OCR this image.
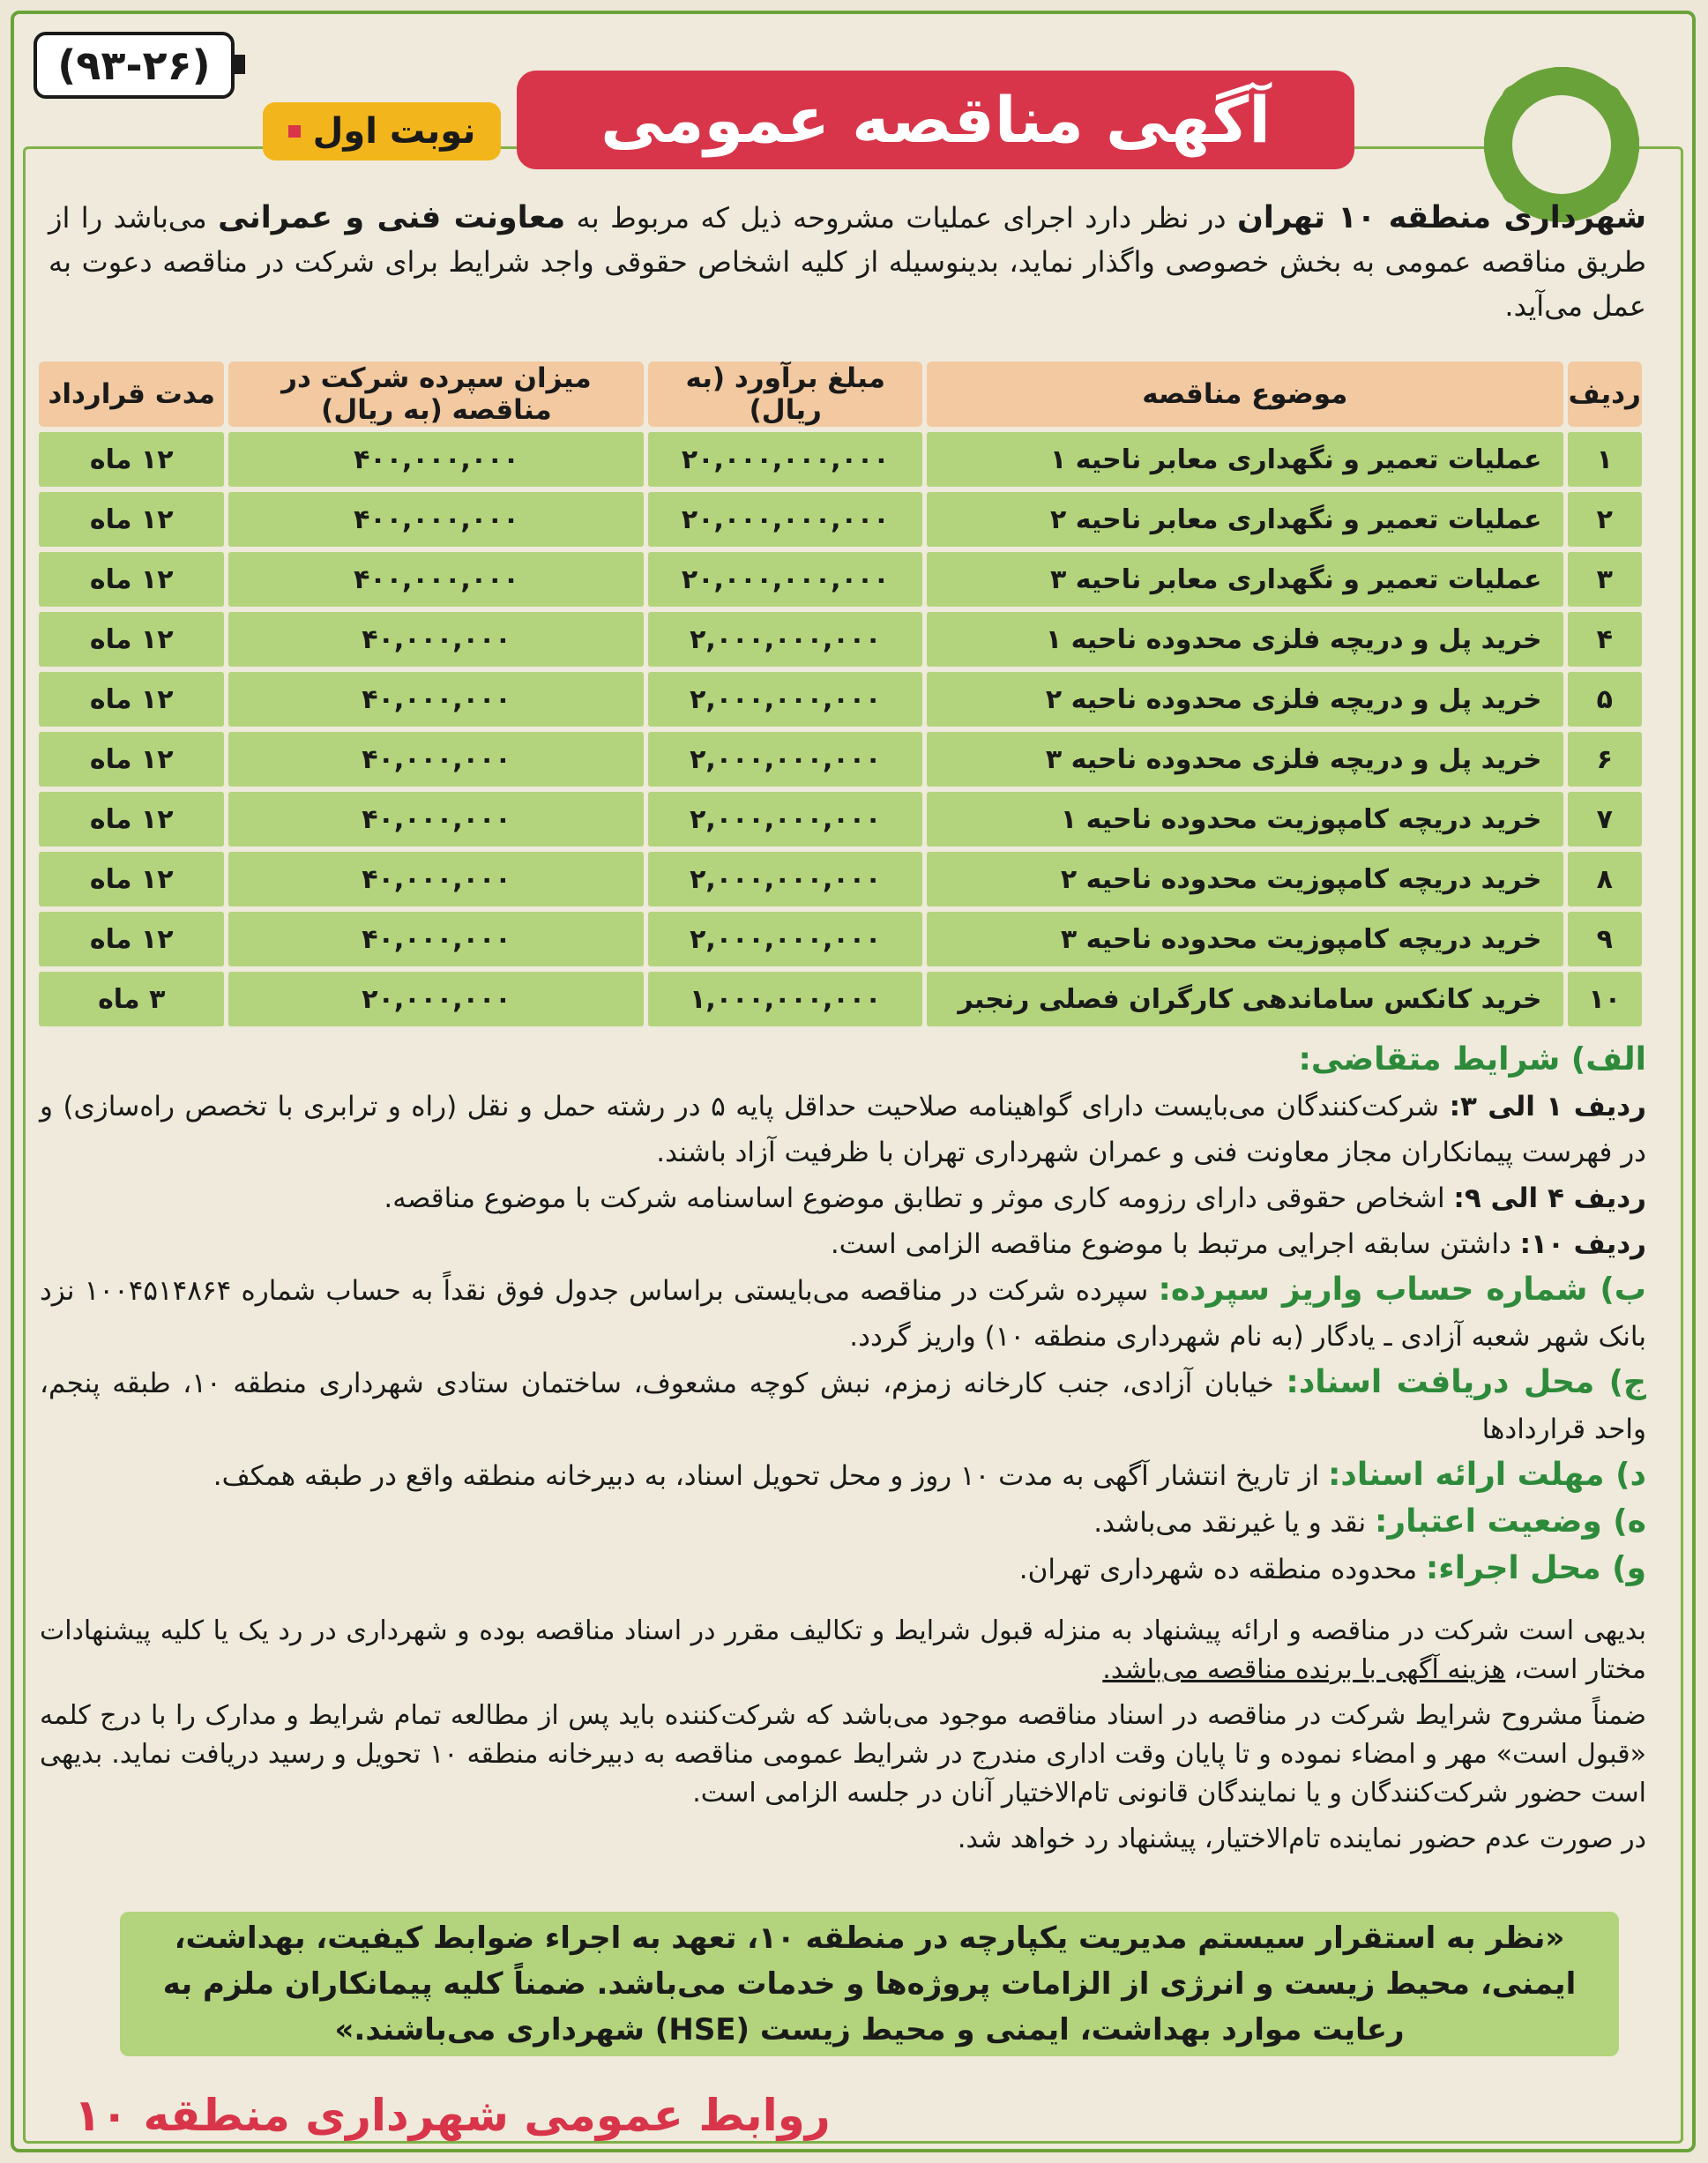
(۹۳-۲۶)
نوبت اول	آگهی مناقصه عمومی
شهرداری منطقه ۱۰ تهران در نظر دارد اجرای عملیات مشروحه ذیل که مربوط به معاونت فنی و عمرانی می‌باشد را از طریق مناقصه عمومی به بخش خصوصی واگذار نماید، بدینوسیله از کلیه اشخاص حقوقی واجد شرایط برای شرکت در مناقصه دعوت به عمل می‌آید.
ردیف	موضوع مناقصه	مبلغ برآورد (به ریال)	میزان سپرده شرکت در مناقصه (به ریال)	مدت قرارداد
۱	عملیات تعمیر و نگهداری معابر ناحیه ۱	۲۰,۰۰۰,۰۰۰,۰۰۰	۴۰۰,۰۰۰,۰۰۰	۱۲ ماه
۲	عملیات تعمیر و نگهداری معابر ناحیه ۲	۲۰,۰۰۰,۰۰۰,۰۰۰	۴۰۰,۰۰۰,۰۰۰	۱۲ ماه
۳	عملیات تعمیر و نگهداری معابر ناحیه ۳	۲۰,۰۰۰,۰۰۰,۰۰۰	۴۰۰,۰۰۰,۰۰۰	۱۲ ماه
۴	خرید پل و دریچه فلزی محدوده ناحیه ۱	۲,۰۰۰,۰۰۰,۰۰۰	۴۰,۰۰۰,۰۰۰	۱۲ ماه
۵	خرید پل و دریچه فلزی محدوده ناحیه ۲	۲,۰۰۰,۰۰۰,۰۰۰	۴۰,۰۰۰,۰۰۰	۱۲ ماه
۶	خرید پل و دریچه فلزی محدوده ناحیه ۳	۲,۰۰۰,۰۰۰,۰۰۰	۴۰,۰۰۰,۰۰۰	۱۲ ماه
۷	خرید دریچه کامپوزیت محدوده ناحیه ۱	۲,۰۰۰,۰۰۰,۰۰۰	۴۰,۰۰۰,۰۰۰	۱۲ ماه
۸	خرید دریچه کامپوزیت محدوده ناحیه ۲	۲,۰۰۰,۰۰۰,۰۰۰	۴۰,۰۰۰,۰۰۰	۱۲ ماه
۹	خرید دریچه کامپوزیت محدوده ناحیه ۳	۲,۰۰۰,۰۰۰,۰۰۰	۴۰,۰۰۰,۰۰۰	۱۲ ماه
۱۰	خرید کانکس ساماندهی کارگران فصلی رنجبر	۱,۰۰۰,۰۰۰,۰۰۰	۲۰,۰۰۰,۰۰۰	۳ ماه

الف) شرایط متقاضی:

ردیف ۱ الی ۳: شرکت‌کنندگان می‌بایست دارای گواهینامه صلاحیت حداقل پایه ۵ در رشته حمل و نقل (راه و ترابری با تخصص راه‌سازی) و در فهرست پیمانکاران مجاز معاونت فنی و عمران شهرداری تهران با ظرفیت آزاد باشند.

ردیف ۴ الی ۹: اشخاص حقوقی دارای رزومه کاری موثر و تطابق موضوع اساسنامه شرکت با موضوع مناقصه.

ردیف ۱۰: داشتن سابقه اجرایی مرتبط با موضوع مناقصه الزامی است.

ب) شماره حساب واریز سپرده: سپرده شرکت در مناقصه می‌بایستی براساس جدول فوق نقداً به حساب شماره ۱۰۰۴۵۱۴۸۶۴ نزد بانک شهر شعبه آزادی ـ یادگار (به نام شهرداری منطقه ۱۰) واریز گردد.

ج) محل دریافت اسناد: خیابان آزادی، جنب کارخانه زمزم، نبش کوچه مشعوف، ساختمان ستادی شهرداری منطقه ۱۰، طبقه پنجم، واحد قراردادها

د) مهلت ارائه اسناد: از تاریخ انتشار آگهی به مدت ۱۰ روز و محل تحویل اسناد، به دبیرخانه منطقه واقع در طبقه همکف.

ه) وضعیت اعتبار: نقد و یا غیرنقد می‌باشد.

و) محل اجراء: محدوده منطقه ده شهرداری تهران.

بدیهی است شرکت در مناقصه و ارائه پیشنهاد به منزله قبول شرایط و تکالیف مقرر در اسناد مناقصه بوده و شهرداری در رد یک یا کلیه پیشنهادات مختار است، هزینه آگهی با برنده مناقصه می‌باشد.

ضمناً مشروح شرایط شرکت در مناقصه در اسناد مناقصه موجود می‌باشد که شرکت‌کننده باید پس از مطالعه تمام شرایط و مدارک را با درج کلمه «قبول است» مهر و امضاء نموده و تا پایان وقت اداری مندرج در شرایط عمومی مناقصه به دبیرخانه منطقه ۱۰ تحویل و رسید دریافت نماید. بدیهی است حضور شرکت‌کنندگان و یا نمایندگان قانونی تام‌الاختیار آنان در جلسه الزامی است.

در صورت عدم حضور نماینده تام‌الاختیار، پیشنهاد رد خواهد شد.

«نظر به استقرار سیستم مدیریت یکپارچه در منطقه ۱۰، تعهد به اجراء ضوابط کیفیت، بهداشت، ایمنی، محیط زیست و انرژی از الزامات پروژه‌ها و خدمات می‌باشد. ضمناً کلیه پیمانکاران ملزم به رعایت موارد بهداشت، ایمنی و محیط زیست (HSE) شهرداری می‌باشند.»
روابط عمومی شهرداری منطقه ۱۰
